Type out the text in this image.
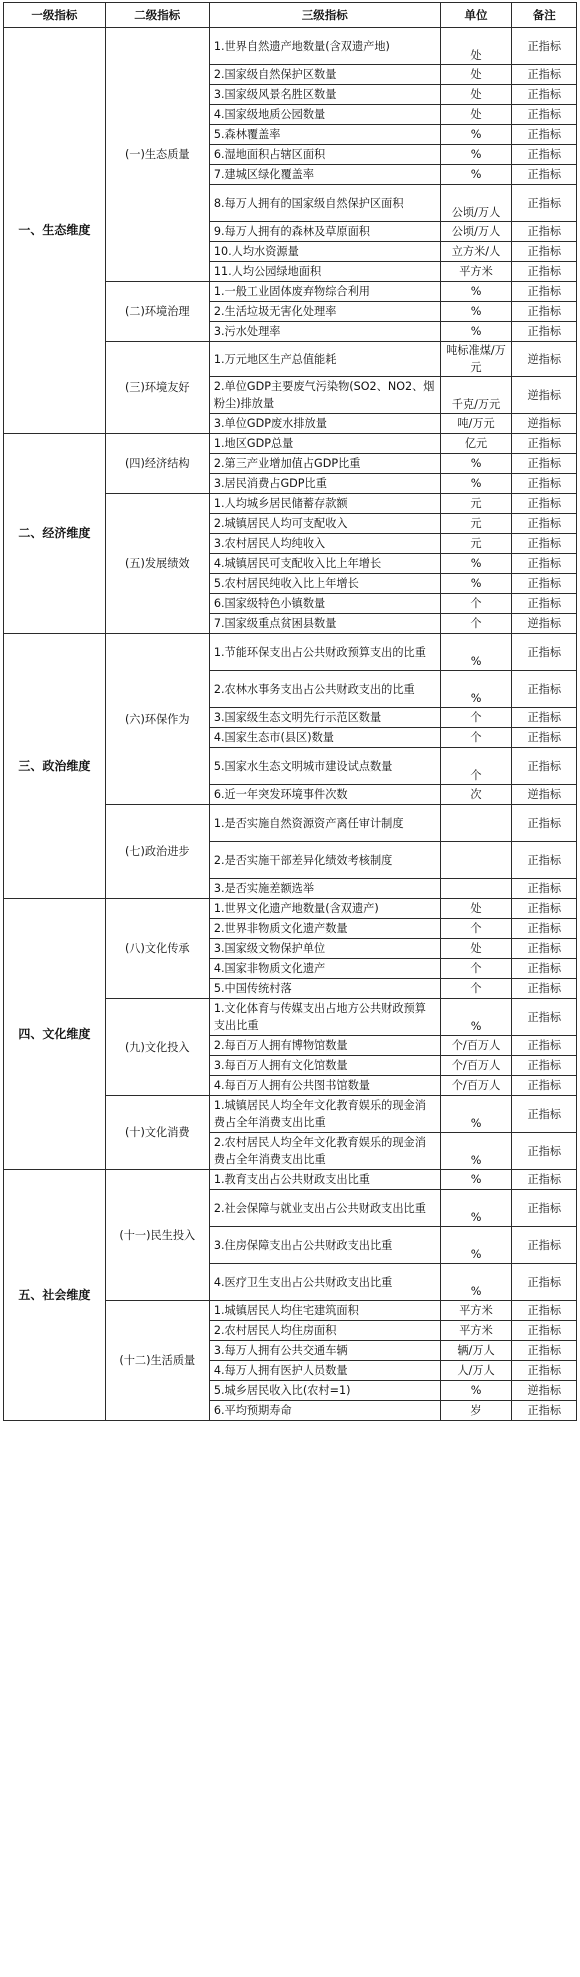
一级指标	二级指标	三级指标	单位	备注
一、生态维度	(一)生态质量	1.世界自然遗产地数量(含双遗产地)	处	正指标
		2.国家级自然保护区数量	处	正指标
		3.国家级风景名胜区数量	处	正指标
		4.国家级地质公园数量	处	正指标
		5.森林覆盖率	%	正指标
		6.湿地面积占辖区面积	%	正指标
		7.建城区绿化覆盖率	%	正指标
		8.每万人拥有的国家级自然保护区面积	公顷/万人	正指标
		9.每万人拥有的森林及草原面积	公顷/万人	正指标
		10.人均水资源量	立方米/人	正指标
		11.人均公园绿地面积	平方米	正指标
	(二)环境治理	1.一般工业固体废弃物综合利用	%	正指标
		2.生活垃圾无害化处理率	%	正指标
		3.污水处理率	%	正指标
	(三)环境友好	1.万元地区生产总值能耗	吨标准煤/万元	逆指标
		2.单位GDP主要废气污染物(SO2、NO2、烟粉尘)排放量	千克/万元	逆指标
		3.单位GDP废水排放量	吨/万元	逆指标
二、经济维度	(四)经济结构	1.地区GDP总量	亿元	正指标
		2.第三产业增加值占GDP比重	%	正指标
		3.居民消费占GDP比重	%	正指标
	(五)发展绩效	1.人均城乡居民储蓄存款额	元	正指标
		2.城镇居民人均可支配收入	元	正指标
		3.农村居民人均纯收入	元	正指标
		4.城镇居民可支配收入比上年增长	%	正指标
		5.农村居民纯收入比上年增长	%	正指标
		6.国家级特色小镇数量	个	正指标
		7.国家级重点贫困县数量	个	逆指标
三、政治维度	(六)环保作为	1.节能环保支出占公共财政预算支出的比重	%	正指标
		2.农林水事务支出占公共财政支出的比重	%	正指标
		3.国家级生态文明先行示范区数量	个	正指标
		4.国家生态市(县区)数量	个	正指标
		5.国家水生态文明城市建设试点数量	个	正指标
		6.近一年突发环境事件次数	次	逆指标
	(七)政治进步	1.是否实施自然资源资产离任审计制度		正指标
		2.是否实施干部差异化绩效考核制度		正指标
		3.是否实施差额选举		正指标
四、文化维度	(八)文化传承	1.世界文化遗产地数量(含双遗产)	处	正指标
		2.世界非物质文化遗产数量	个	正指标
		3.国家级文物保护单位	处	正指标
		4.国家非物质文化遗产	个	正指标
		5.中国传统村落	个	正指标
	(九)文化投入	1.文化体育与传媒支出占地方公共财政预算支出比重	%	正指标
		2.每百万人拥有博物馆数量	个/百万人	正指标
		3.每百万人拥有文化馆数量	个/百万人	正指标
		4.每百万人拥有公共图书馆数量	个/百万人	正指标
	(十)文化消费	1.城镇居民人均全年文化教育娱乐的现金消费占全年消费支出比重	%	正指标
		2.农村居民人均全年文化教育娱乐的现金消费占全年消费支出比重	%	正指标
五、社会维度	(十一)民生投入	1.教育支出占公共财政支出比重	%	正指标
		2.社会保障与就业支出占公共财政支出比重	%	正指标
		3.住房保障支出占公共财政支出比重	%	正指标
		4.医疗卫生支出占公共财政支出比重	%	正指标
	(十二)生活质量	1.城镇居民人均住宅建筑面积	平方米	正指标
		2.农村居民人均住房面积	平方米	正指标
		3.每万人拥有公共交通车辆	辆/万人	正指标
		4.每万人拥有医护人员数量	人/万人	正指标
		5.城乡居民收入比(农村=1)	%	逆指标
		6.平均预期寿命	岁	正指标
